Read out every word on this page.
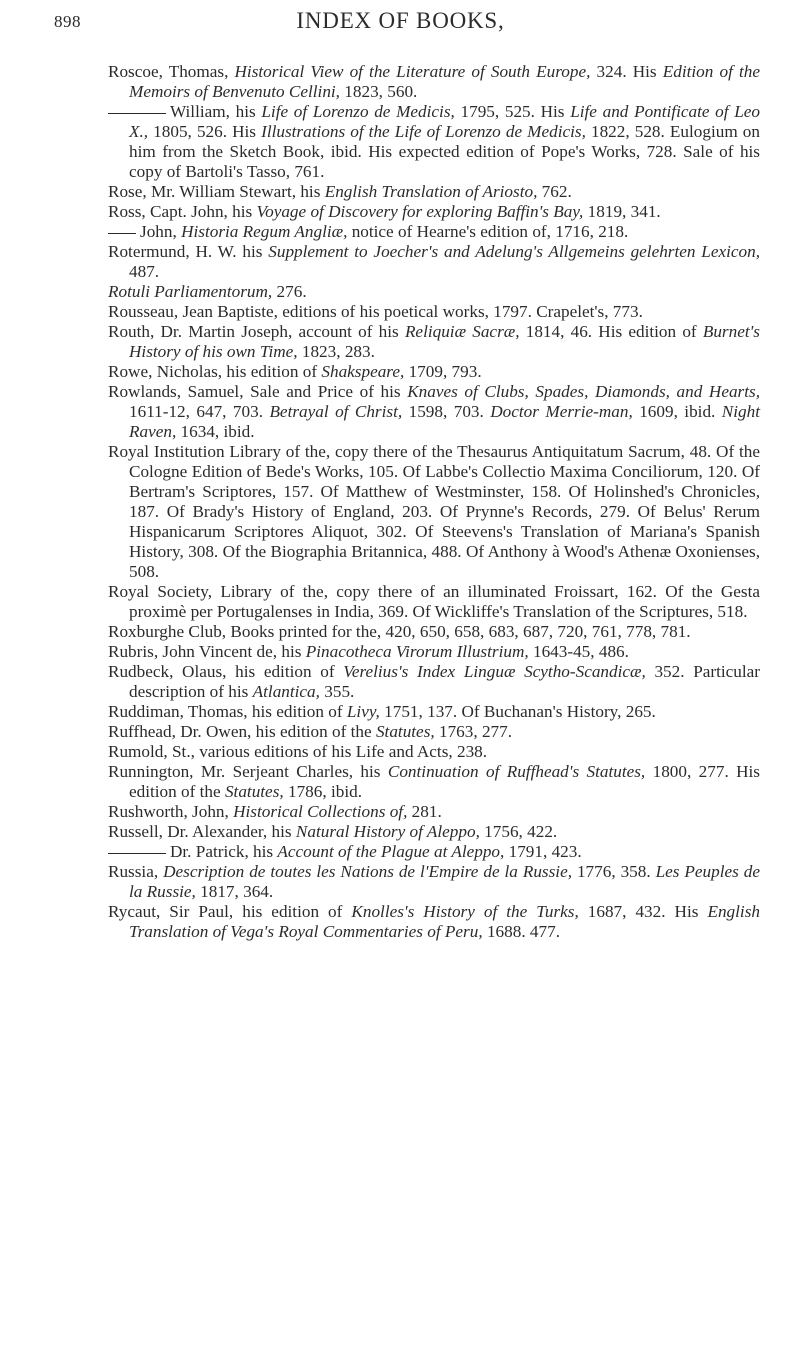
898	INDEX OF BOOKS,

Roscoe, Thomas, Historical View of the Literature of South Europe, 324. His Edition of the Memoirs of Benvenuto Cellini, 1823, 560.

William, his Life of Lorenzo de Medicis, 1795, 525. His Life and Pontificate of Leo X., 1805, 526. His Illustrations of the Life of Lorenzo de Medicis, 1822, 528. Eulogium on him from the Sketch Book, ibid. His expected edition of Pope's Works, 728. Sale of his copy of Bartoli's Tasso, 761.

Rose, Mr. William Stewart, his English Translation of Ariosto, 762.

Ross, Capt. John, his Voyage of Discovery for exploring Baffin's Bay, 1819, 341.

John, Historia Regum Angliæ, notice of Hearne's edition of, 1716, 218.

Rotermund, H. W. his Supplement to Joecher's and Adelung's Allgemeins gelehrten Lexicon, 487.

Rotuli Parliamentorum, 276.

Rousseau, Jean Baptiste, editions of his poetical works, 1797. Crapelet's, 773.

Routh, Dr. Martin Joseph, account of his Reliquiæ Sacræ, 1814, 46. His edition of Burnet's History of his own Time, 1823, 283.

Rowe, Nicholas, his edition of Shakspeare, 1709, 793.

Rowlands, Samuel, Sale and Price of his Knaves of Clubs, Spades, Diamonds, and Hearts, 1611-12, 647, 703. Betrayal of Christ, 1598, 703. Doctor Merrie-man, 1609, ibid. Night Raven, 1634, ibid.

Royal Institution Library of the, copy there of the Thesaurus Antiquitatum Sacrum, 48. Of the Cologne Edition of Bede's Works, 105. Of Labbe's Collectio Maxima Conciliorum, 120. Of Bertram's Scriptores, 157. Of Matthew of Westminster, 158. Of Holinshed's Chronicles, 187. Of Brady's History of England, 203. Of Prynne's Records, 279. Of Belus' Rerum Hispanicarum Scriptores Aliquot, 302. Of Steevens's Translation of Mariana's Spanish History, 308. Of the Biographia Britannica, 488. Of Anthony à Wood's Athenæ Oxonienses, 508.

Royal Society, Library of the, copy there of an illuminated Froissart, 162. Of the Gesta proximè per Portugalenses in India, 369. Of Wickliffe's Translation of the Scriptures, 518.

Roxburghe Club, Books printed for the, 420, 650, 658, 683, 687, 720, 761, 778, 781.

Rubris, John Vincent de, his Pinacotheca Virorum Illustrium, 1643-45, 486.

Rudbeck, Olaus, his edition of Verelius's Index Linguæ Scytho-Scandicæ, 352. Particular description of his Atlantica, 355.

Ruddiman, Thomas, his edition of Livy, 1751, 137. Of Buchanan's History, 265.

Ruffhead, Dr. Owen, his edition of the Statutes, 1763, 277.

Rumold, St., various editions of his Life and Acts, 238.

Runnington, Mr. Serjeant Charles, his Continuation of Ruffhead's Statutes, 1800, 277. His edition of the Statutes, 1786, ibid.

Rushworth, John, Historical Collections of, 281.

Russell, Dr. Alexander, his Natural History of Aleppo, 1756, 422.

Dr. Patrick, his Account of the Plague at Aleppo, 1791, 423.

Russia, Description de toutes les Nations de l'Empire de la Russie, 1776, 358. Les Peuples de la Russie, 1817, 364.

Rycaut, Sir Paul, his edition of Knolles's History of the Turks, 1687, 432. His English Translation of Vega's Royal Commentaries of Peru, 1688. 477.
